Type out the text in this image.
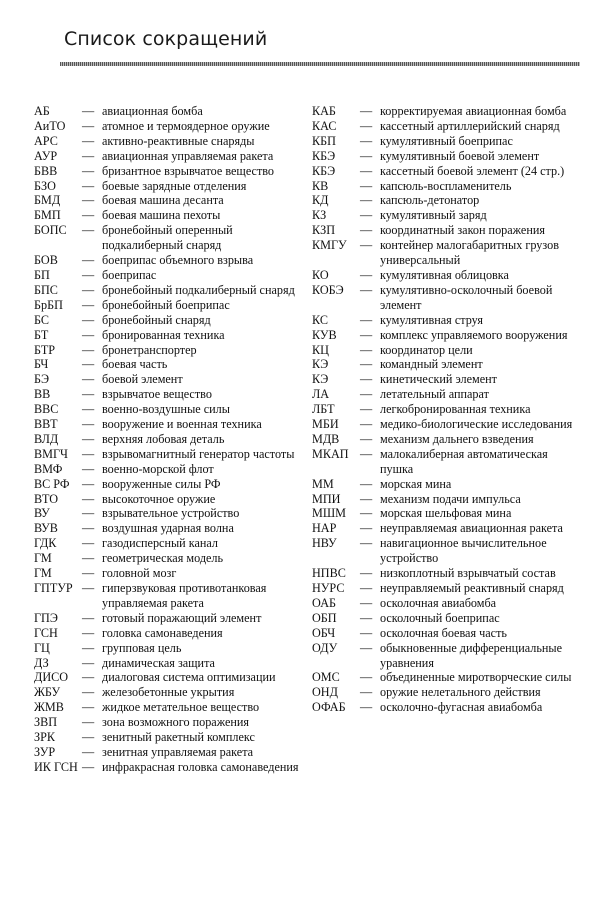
Список сокращений
АБ	— авиационная бомба
АиТО	— атомное и термоядерное оружие
АРС	— активно-реактивные снаряды
АУР	— авиационная управляемая ракета
БВВ	— бризантное взрывчатое вещество
БЗО	— боевые зарядные отделения
БМД	— боевая машина десанта
БМП	— боевая машина пехоты
БОПС	— бронебойный оперенный подкалиберный снаряд
БОВ	— боеприпас объемного взрыва
БП	— боеприпас
БПС	— бронебойный подкалиберный снаряд
БрБП	— бронебойный боеприпас
БС	— бронебойный снаряд
БТ	— бронированная техника
БТР	— бронетранспортер
БЧ	— боевая часть
БЭ	— боевой элемент
ВВ	— взрывчатое вещество
ВВС	— военно-воздушные силы
ВВТ	— вооружение и военная техника
ВЛД	— верхняя лобовая деталь
ВМГЧ	— взрывомагнитный генератор частоты
ВМФ	— военно-морской флот
ВС РФ	— вооруженные силы РФ
ВТО	— высокоточное оружие
ВУ	— взрывательное устройство
ВУВ	— воздушная ударная волна
ГДК	— газодисперсный канал
ГМ	— геометрическая модель
ГМ	— головной мозг
ГПТУР — гиперзвуковая противотанковая управляемая ракета
ГПЭ	— готовый поражающий элемент
ГСН	— головка самонаведения
ГЦ	— групповая цель
ДЗ	— динамическая защита
ДИСО	— диалоговая система оптимизации
ЖБУ	— железобетонные укрытия
ЖМВ	— жидкое метательное вещество
ЗВП	— зона возможного поражения
ЗРК	— зенитный ракетный комплекс
ЗУР	— зенитная управляемая ракета
ИК ГСН — инфракрасная головка самонаведения
КАБ	— корректируемая авиационная бомба
КАС	— кассетный артиллерийский снаряд
КБП	— кумулятивный боеприпас
КБЭ	— кумулятивный боевой элемент
КБЭ	— кассетный боевой элемент (24 стр.)
КВ	— капсюль-воспламенитель
КД	— капсюль-детонатор
КЗ	— кумулятивный заряд
КЗП	— координатный закон поражения
КМГУ	— контейнер малогабаритных грузов универсальный
КО	— кумулятивная облицовка
КОБЭ	— кумулятивно-осколочный боевой элемент
КС	— кумулятивная струя
КУВ	— комплекс управляемого вооружения
КЦ	— координатор цели
КЭ	— командный элемент
КЭ	— кинетический элемент
ЛА	— летательный аппарат
ЛБТ	— легкобронированная техника
МБИ	— медико-биологические исследования
МДВ	— механизм дальнего взведения
МКАП — малокалиберная автоматическая пушка
ММ	— морская мина
МПИ	— механизм подачи импульса
МШМ	— морская шельфовая мина
НАР	— неуправляемая авиационная ракета
НВУ	— навигационное вычислительное устройство
НПВС	— низкоплотный взрывчатый состав
НУРС	— неуправляемый реактивный снаряд
ОАБ	— осколочная авиабомба
ОБП	— осколочный боеприпас
ОБЧ	— осколочная боевая часть
ОДУ	— обыкновенные дифференциальные уравнения
ОМС	— объединенные миротворческие силы
ОНД	— оружие нелетального действия
ОФАБ	— осколочно-фугасная авиабомба
